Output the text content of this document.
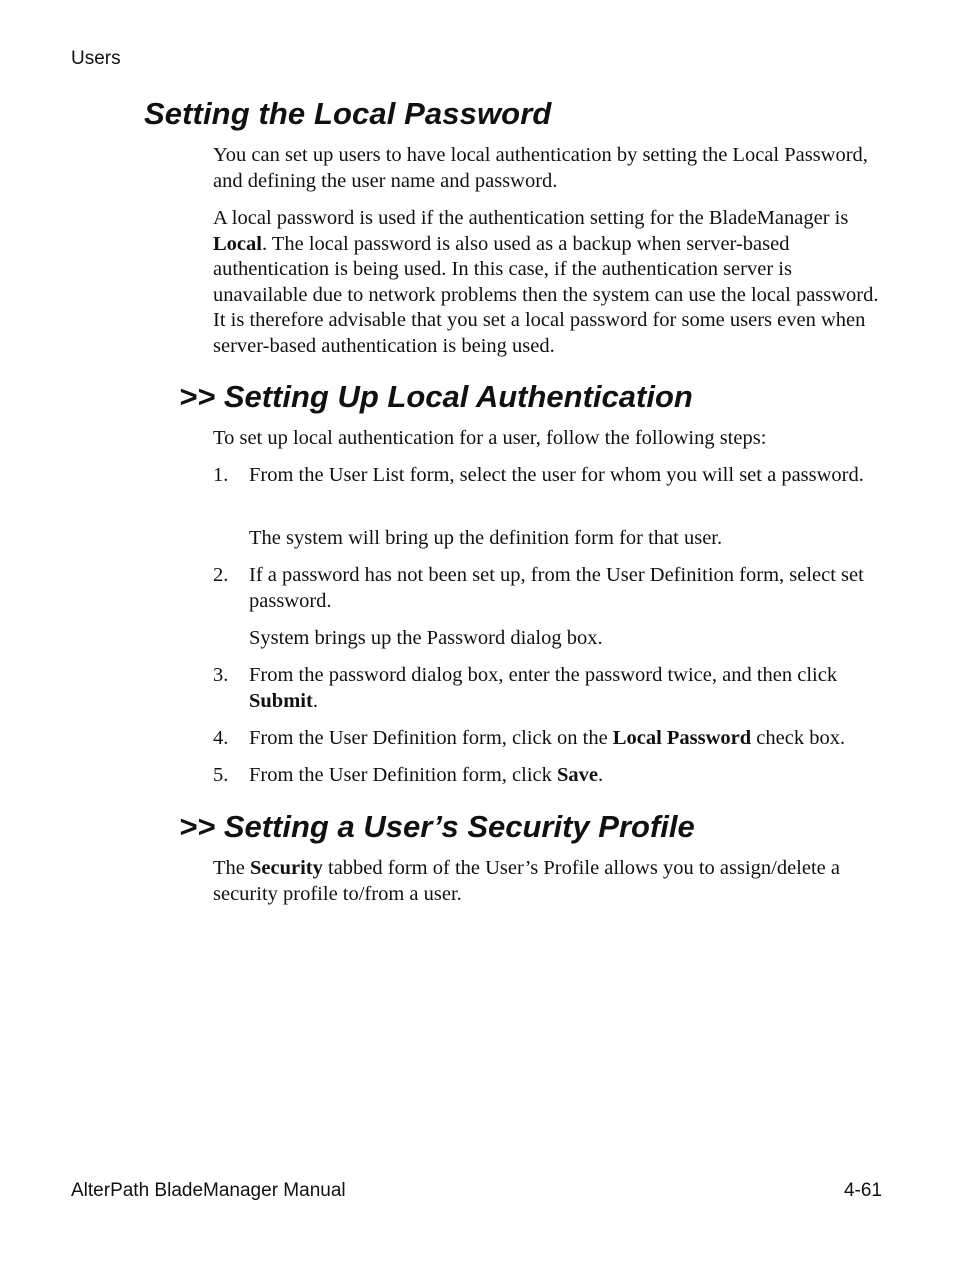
Users
Setting the Local Password

You can set up users to have local authentication by setting the Local Password, and defining the user name and password.

A local password is used if the authentication setting for the BladeManager is Local. The local password is also used as a backup when server-based authentication is being used. In this case, if the authentication server is unavailable due to network problems then the system can use the local password. It is therefore advisable that you set a local password for some users even when server-based authentication is being used.

>> Setting Up Local Authentication

To set up local authentication for a user, follow the following steps:

1.	From the User List form, select the user for whom you will set a password.
The system will bring up the definition form for that user.
2.	If a password has not been set up, from the User Definition form, select set password.
System brings up the Password dialog box.
3.	From the password dialog box, enter the password twice, and then click Submit.
4.	From the User Definition form, click on the Local Password check box.
5.	From the User Definition form, click Save.
>> Setting a User’s Security Profile

The Security tabbed form of the User’s Profile allows you to assign/delete a security profile to/from a user.

AlterPath BladeManager Manual	4-61
